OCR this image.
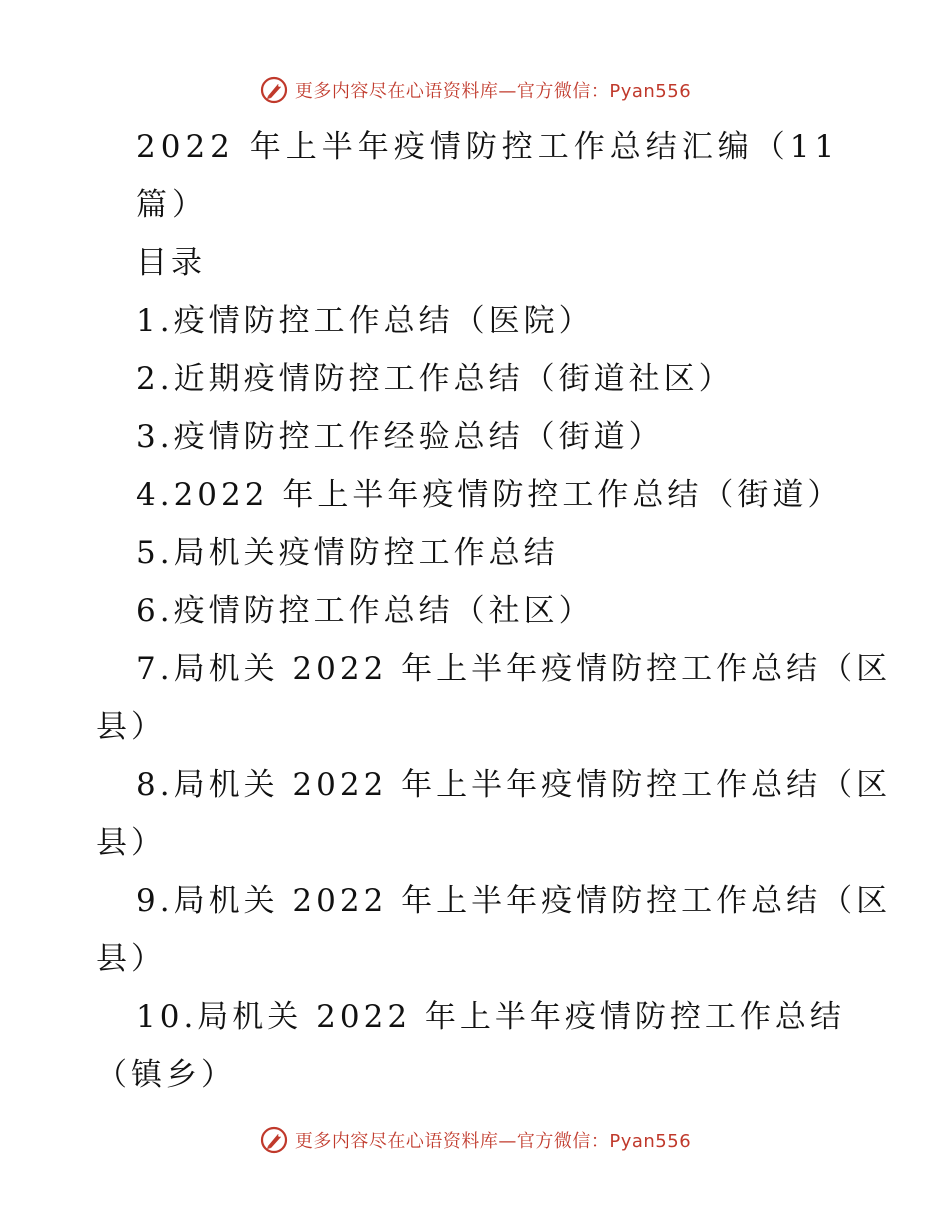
更多内容尽在心语资料库—官方微信：Pyan556
2022 年上半年疫情防控工作总结汇编（11
篇）
目录
1.疫情防控工作总结（医院）
2.近期疫情防控工作总结（街道社区）
3.疫情防控工作经验总结（街道）
4.2022 年上半年疫情防控工作总结（街道）
5.局机关疫情防控工作总结
6.疫情防控工作总结（社区）
7.局机关 2022 年上半年疫情防控工作总结（区
县）
8.局机关 2022 年上半年疫情防控工作总结（区
县）
9.局机关 2022 年上半年疫情防控工作总结（区
县）
10.局机关 2022 年上半年疫情防控工作总结
（镇乡）
更多内容尽在心语资料库—官方微信：Pyan556
